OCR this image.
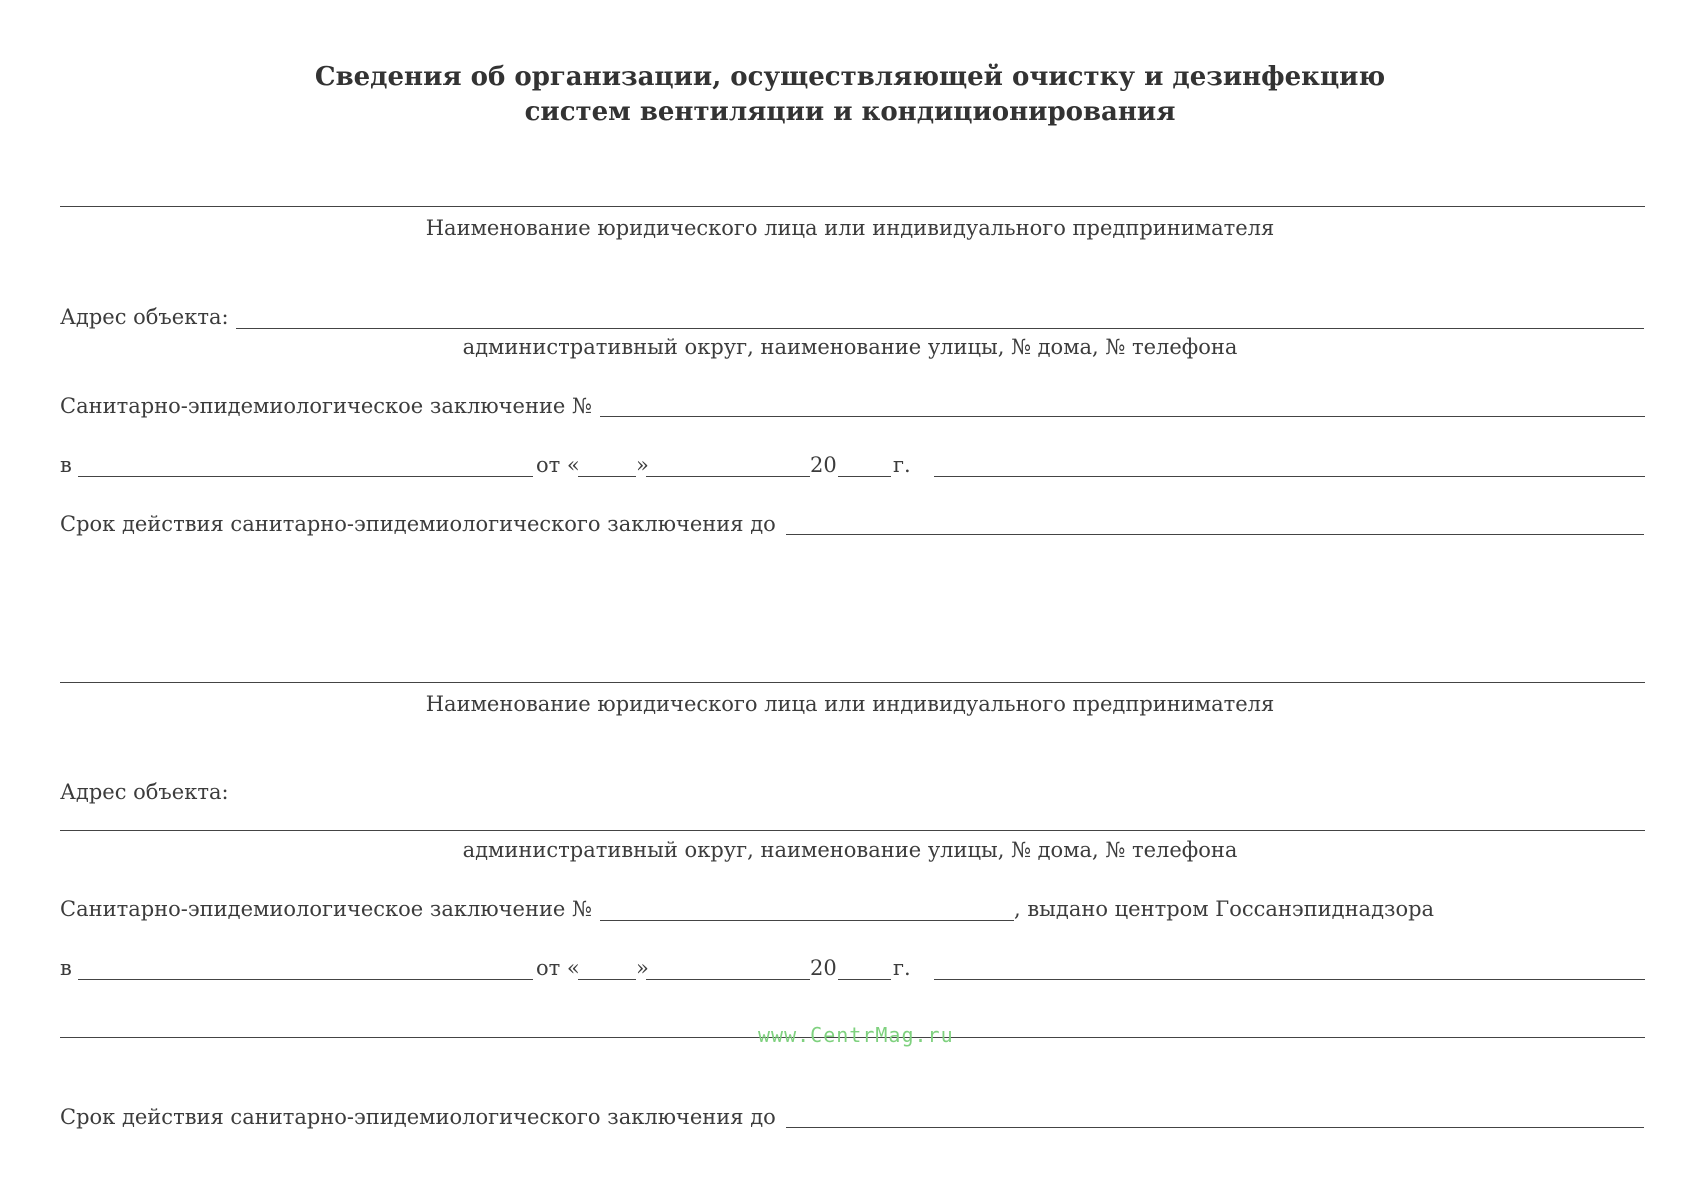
Сведения об организации, осуществляющей очистку и дезинфекцию
систем вентиляции и кондиционирования
Наименование юридического лица или индивидуального предпринимателя
Адрес объекта:
административный округ, наименование улицы, № дома, № телефона
Санитарно-эпидемиологическое заключение №
в	от «	»	20	г.
Срок действия санитарно-эпидемиологического заключения до
Наименование юридического лица или индивидуального предпринимателя
Адрес объекта:
административный округ, наименование улицы, № дома, № телефона
Санитарно-эпидемиологическое заключение №	, выдано центром Госсанэпиднадзора
в	от «	»	20	г.
www.CentrMag.ru
Срок действия санитарно-эпидемиологического заключения до
